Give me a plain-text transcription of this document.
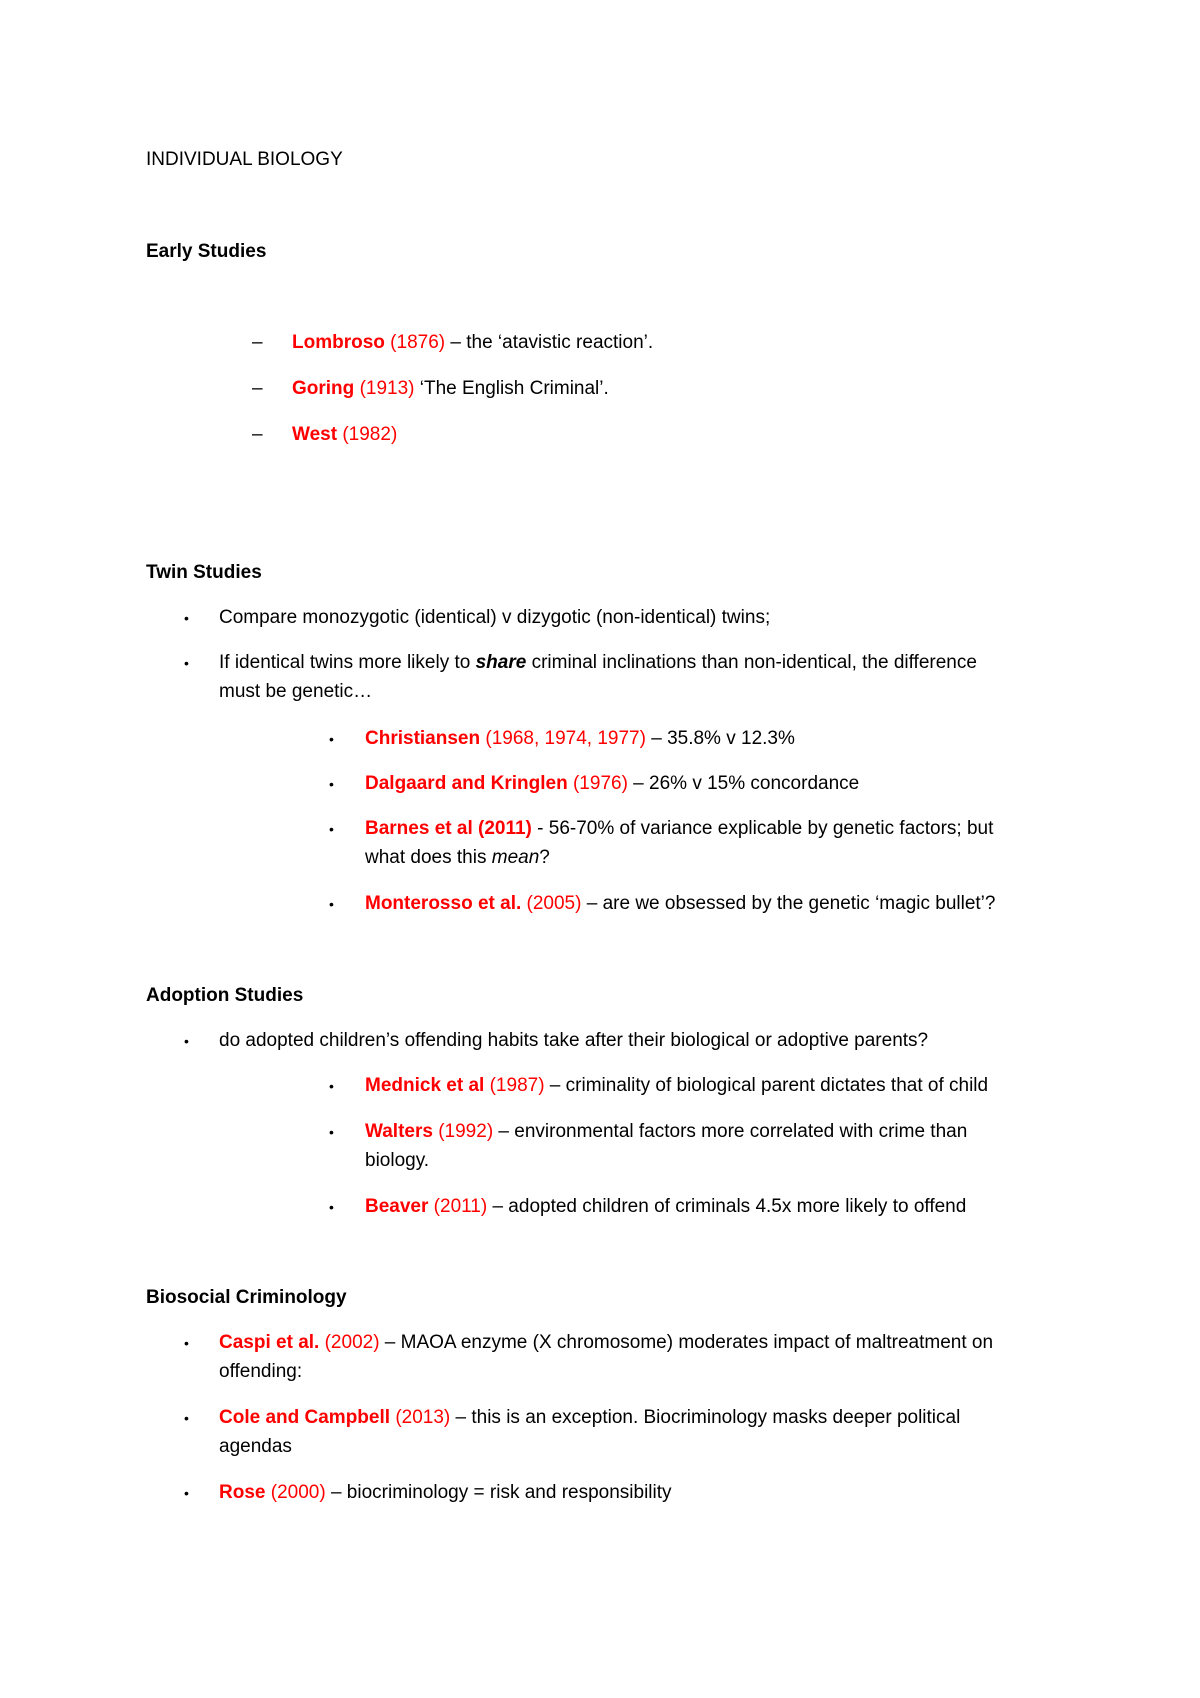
INDIVIDUAL BIOLOGY
Early Studies
– Lombroso (1876) – the ‘atavistic reaction’.
– Goring (1913) ‘The English Criminal’.
– West (1982)
Twin Studies
• Compare monozygotic (identical) v dizygotic (non-identical) twins;
• If identical twins more likely to share criminal inclinations than non-identical, the difference
must be genetic…
• Christiansen (1968, 1974, 1977) – 35.8% v 12.3%
• Dalgaard and Kringlen (1976) – 26% v 15% concordance
• Barnes et al (2011) - 56-70% of variance explicable by genetic factors; but
what does this mean?
• Monterosso et al. (2005) – are we obsessed by the genetic ‘magic bullet’?
Adoption Studies
• do adopted children’s offending habits take after their biological or adoptive parents?
• Mednick et al (1987) – criminality of biological parent dictates that of child
• Walters (1992) – environmental factors more correlated with crime than
biology.
• Beaver (2011) – adopted children of criminals 4.5x more likely to offend
Biosocial Criminology
• Caspi et al. (2002) – MAOA enzyme (X chromosome) moderates impact of maltreatment on
offending:
• Cole and Campbell (2013) – this is an exception. Biocriminology masks deeper political
agendas
• Rose (2000) – biocriminology = risk and responsibility
